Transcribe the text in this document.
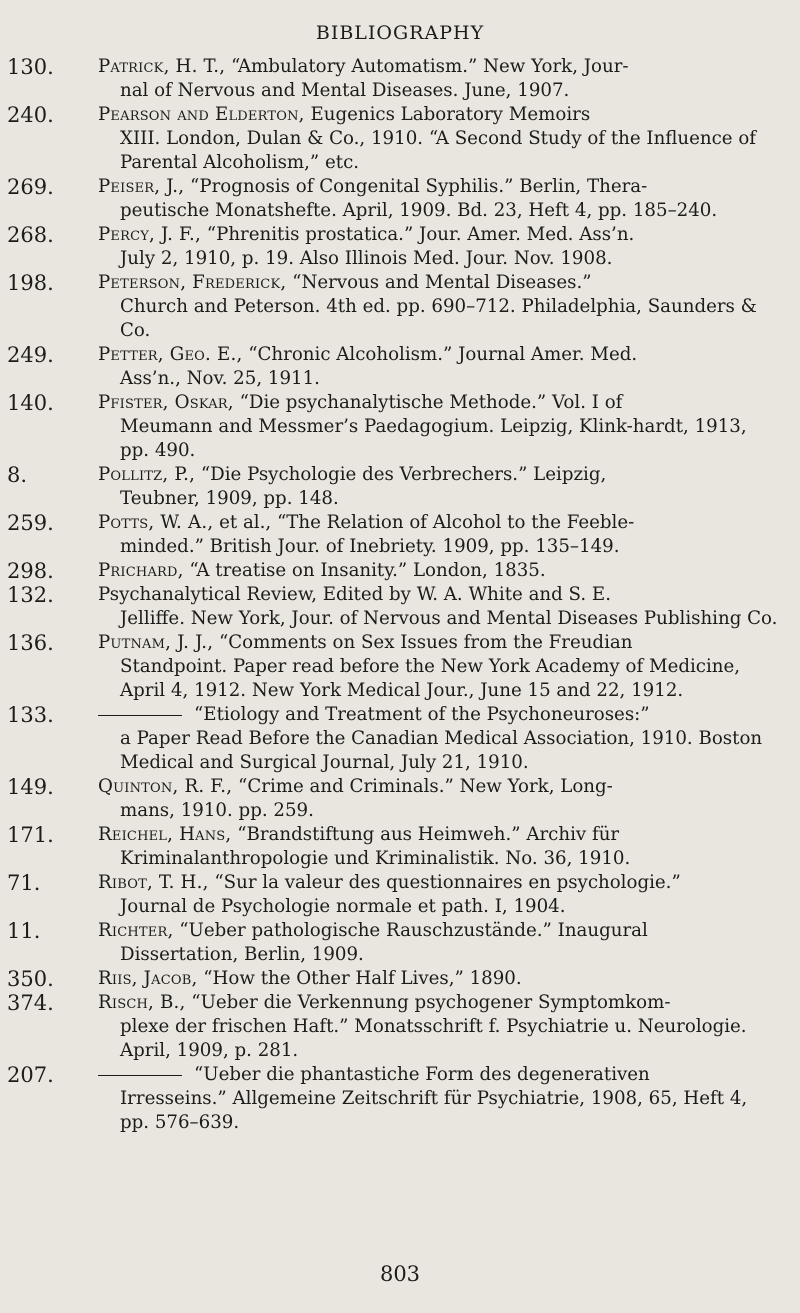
BIBLIOGRAPHY
130.	Patrick, H. T., “Ambulatory Automatism.” New York, Jour-
nal of Nervous and Mental Diseases. June, 1907.
240.	Pearson and Elderton, Eugenics Laboratory Memoirs
XIII. London, Dulan & Co., 1910. “A Second Study of the Influence of Parental Alcoholism,” etc.
269.	Peiser, J., “Prognosis of Congenital Syphilis.” Berlin, Thera-
peutische Monatshefte. April, 1909. Bd. 23, Heft 4, pp. 185–240.
268.	Percy, J. F., “Phrenitis prostatica.” Jour. Amer. Med. Ass’n.
July 2, 1910, p. 19. Also Illinois Med. Jour. Nov. 1908.
198.	Peterson, Frederick, “Nervous and Mental Diseases.”
Church and Peterson. 4th ed. pp. 690–712. Philadelphia, Saunders & Co.
249.	Petter, Geo. E., “Chronic Alcoholism.” Journal Amer. Med.
Ass’n., Nov. 25, 1911.
140.	Pfister, Oskar, “Die psychanalytische Methode.” Vol. I of
Meumann and Messmer’s Paedagogium. Leipzig, Klink-hardt, 1913, pp. 490.
8.	Pollitz, P., “Die Psychologie des Verbrechers.” Leipzig,
Teubner, 1909, pp. 148.
259.	Potts, W. A., et al., “The Relation of Alcohol to the Feeble-
minded.” British Jour. of Inebriety. 1909, pp. 135–149.
298.	Prichard, “A treatise on Insanity.” London, 1835.
132.	Psychanalytical Review, Edited by W. A. White and S. E.
Jelliffe. New York, Jour. of Nervous and Mental Diseases Publishing Co.
136.	Putnam, J. J., “Comments on Sex Issues from the Freudian
Standpoint. Paper read before the New York Academy of Medicine, April 4, 1912. New York Medical Jour., June 15 and 22, 1912.
133.	“Etiology and Treatment of the Psychoneuroses:”
a Paper Read Before the Canadian Medical Association, 1910. Boston Medical and Surgical Journal, July 21, 1910.
149.	Quinton, R. F., “Crime and Criminals.” New York, Long-
mans, 1910. pp. 259.
171.	Reichel, Hans, “Brandstiftung aus Heimweh.” Archiv für
Kriminalanthropologie und Kriminalistik. No. 36, 1910.
71.	Ribot, T. H., “Sur la valeur des questionnaires en psychologie.”
Journal de Psychologie normale et path. I, 1904.
11.	Richter, “Ueber pathologische Rauschzustände.” Inaugural
Dissertation, Berlin, 1909.
350.	Riis, Jacob, “How the Other Half Lives,” 1890.
374.	Risch, B., “Ueber die Verkennung psychogener Symptomkom-
plexe der frischen Haft.” Monatsschrift f. Psychiatrie u. Neurologie. April, 1909, p. 281.
207.	“Ueber die phantastiche Form des degenerativen
Irresseins.” Allgemeine Zeitschrift für Psychiatrie, 1908, 65, Heft 4, pp. 576–639.
803
